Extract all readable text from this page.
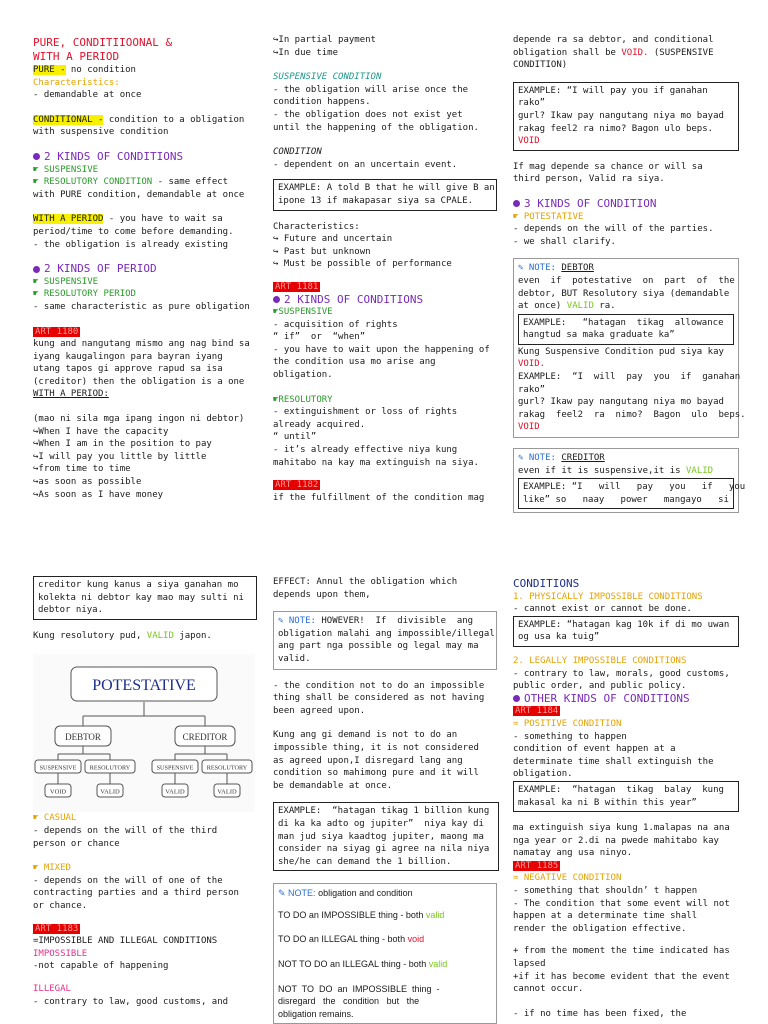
PURE, CONDITIIOONAL &
WITH A PERIOD
PURE - no condition
Characteristics:
- demandable at once
CONDITIONAL - condition to a obligation
with suspensive condition
2 KINDS OF CONDITIONS
☛ SUSPENSIVE
☛ RESOLUTORY CONDITION - same effect
with PURE condition, demandable at once
WITH A PERIOD - you have to wait sa
period/time to come before demanding.
- the obligation is already existing
2 KINDS OF PERIOD
☛ SUSPENSIVE
☛ RESOLUTORY PERIOD
- same characteristic as pure obligation
ART 1180
kung and nangutang mismo ang nag bind sa
iyang kaugalingon para bayran iyang
utang tapos gi approve rapud sa isa
(creditor) then the obligation is a one
WITH A PERIOD:
(mao ni sila mga ipang ingon ni debtor)
↪When I have the capacity
↪When I am in the position to pay
↪I will pay you little by little
↪from time to time
↪as soon as possible
↪As soon as I have money
↪In partial payment
↪In due time
SUSPENSIVE CONDITION
- the obligation will arise once the
condition happens.
- the obligation does not exist yet
until the happening of the obligation.
CONDITION
- dependent on an uncertain event.
EXAMPLE: A told B that he will give B an
ipone 13 if makapasar siya sa CPALE.
Characteristics:
↪ Future and uncertain
↪ Past but unknown
↪ Must be possible of performance
ART 1181
2 KINDS OF CONDITIONS
☛SUSPENSIVE
- acquisition of rights
“ if”  or  “when”
- you have to wait upon the happening of
the condition usa mo arise ang
obligation.
☛RESOLUTORY
- extinguishment or loss of rights
already acquired.
“ until”
- it’s already effective niya kung
mahitabo na kay ma extinguish na siya.
ART 1182
if the fulfillment of the condition mag
depende ra sa debtor, and conditional
obligation shall be VOID. (SUSPENSIVE
CONDITION)
EXAMPLE: “I will pay you if ganahan
rako”
gurl? Ikaw pay nangutang niya mo bayad
rakag feel2 ra nimo? Bagon ulo beps.
VOID
If mag depende sa chance or will sa
third person, Valid ra siya.
3 KINDS OF CONDITION
☛ POTESTATIVE
- depends on the will of the parties.
- we shall clarify.
✎ NOTE: DEBTOR
even  if  potestative  on  part  of  the
debtor, BUT Resolutory siya (demandable
at once) VALID ra.
EXAMPLE:   “hatagan  tikag  allowance
hangtud sa maka graduate ka”
Kung Suspensive Condition pud siya kay
VOID.
EXAMPLE:  “I  will  pay  you  if  ganahan
rako”
gurl? Ikaw pay nangutang niya mo bayad
rakag  feel2  ra  nimo?  Bagon  ulo  beps.
VOID
✎ NOTE: CREDITOR
even if it is suspensive,it is VALID
EXAMPLE: “I   will   pay   you   if   you
like” so   naay   power   mangayo   si
creditor kung kanus a siya ganahan mo
kolekta ni debtor kay mao may sulti ni
debtor niya.
Kung resolutory pud, VALID japon.
POTESTATIVE
DEBTOR	CREDITOR
SUSPENSIVE RESOLUTORY	SUSPENSIVE RESOLUTORY
VOID	VALID	VALID	VALID
☛ CASUAL
- depends on the will of the third
person or chance
☛ MIXED
- depends on the will of one of the
contracting parties and a third person
or chance.
ART 1183
=IMPOSSIBLE AND ILLEGAL CONDITIONS
IMPOSSIBLE
-not capable of happening
ILLEGAL
- contrary to law, good customs, and
EFFECT: Annul the obligation which
depends upon them,
✎ NOTE: HOWEVER!  If  divisible  ang
obligation malahi ang impossible/illegal
ang part nga possible og legal may ma
valid.
- the condition not to do an impossible
thing shall be considered as not having
been agreed upon.
Kung ang gi demand is not to do an
impossible thing, it is not considered
as agreed upon,I disregard lang ang
condition so mahimong pure and it will
be demandable at once.
EXAMPLE:  “hatagan tikag 1 billion kung
di ka ka adto og jupiter”  niya kay di
man jud siya kaadtog jupiter, maong ma
consider na siyag gi agree na nila niya
she/he can demand the 1 billion.
✎ NOTE: obligation and condition
TO DO an IMPOSSIBLE thing - both valid
TO DO an ILLEGAL thing - both void
NOT TO DO an ILLEGAL thing - both valid
NOT  TO  DO  an  IMPOSSIBLE  thing  -
disregard   the   condition   but   the
obligation remains.
CONDITIONS
1. PHYSICALLY IMPOSSIBLE CONDITIONS
- cannot exist or cannot be done.
EXAMPLE: “hatagan kag 10k if di mo uwan
og usa ka tuig”
2. LEGALLY IMPOSSIBLE CONDITIONS
- contrary to law, morals, good customs,
public order, and public policy.
OTHER KINDS OF CONDITIONS
ART 1184
= POSITIVE CONDITION
- something to happen
condition of event happen at a
determinate time shall extinguish the
obligation.
EXAMPLE:  “hatagan  tikag  balay  kung
makasal ka ni B within this year”
ma extinguish siya kung 1.malapas na ana
nga year or 2.di na pwede mahitabo kay
namatay ang usa ninyo.
ART 1185
= NEGATIVE CONDITION
- something that shouldn’ t happen
- The condition that some event will not
happen at a determinate time shall
render the obligation effective.
+ from the moment the time indicated has
lapsed
+if it has become evident that the event
cannot occur.
- if no time has been fixed, the
